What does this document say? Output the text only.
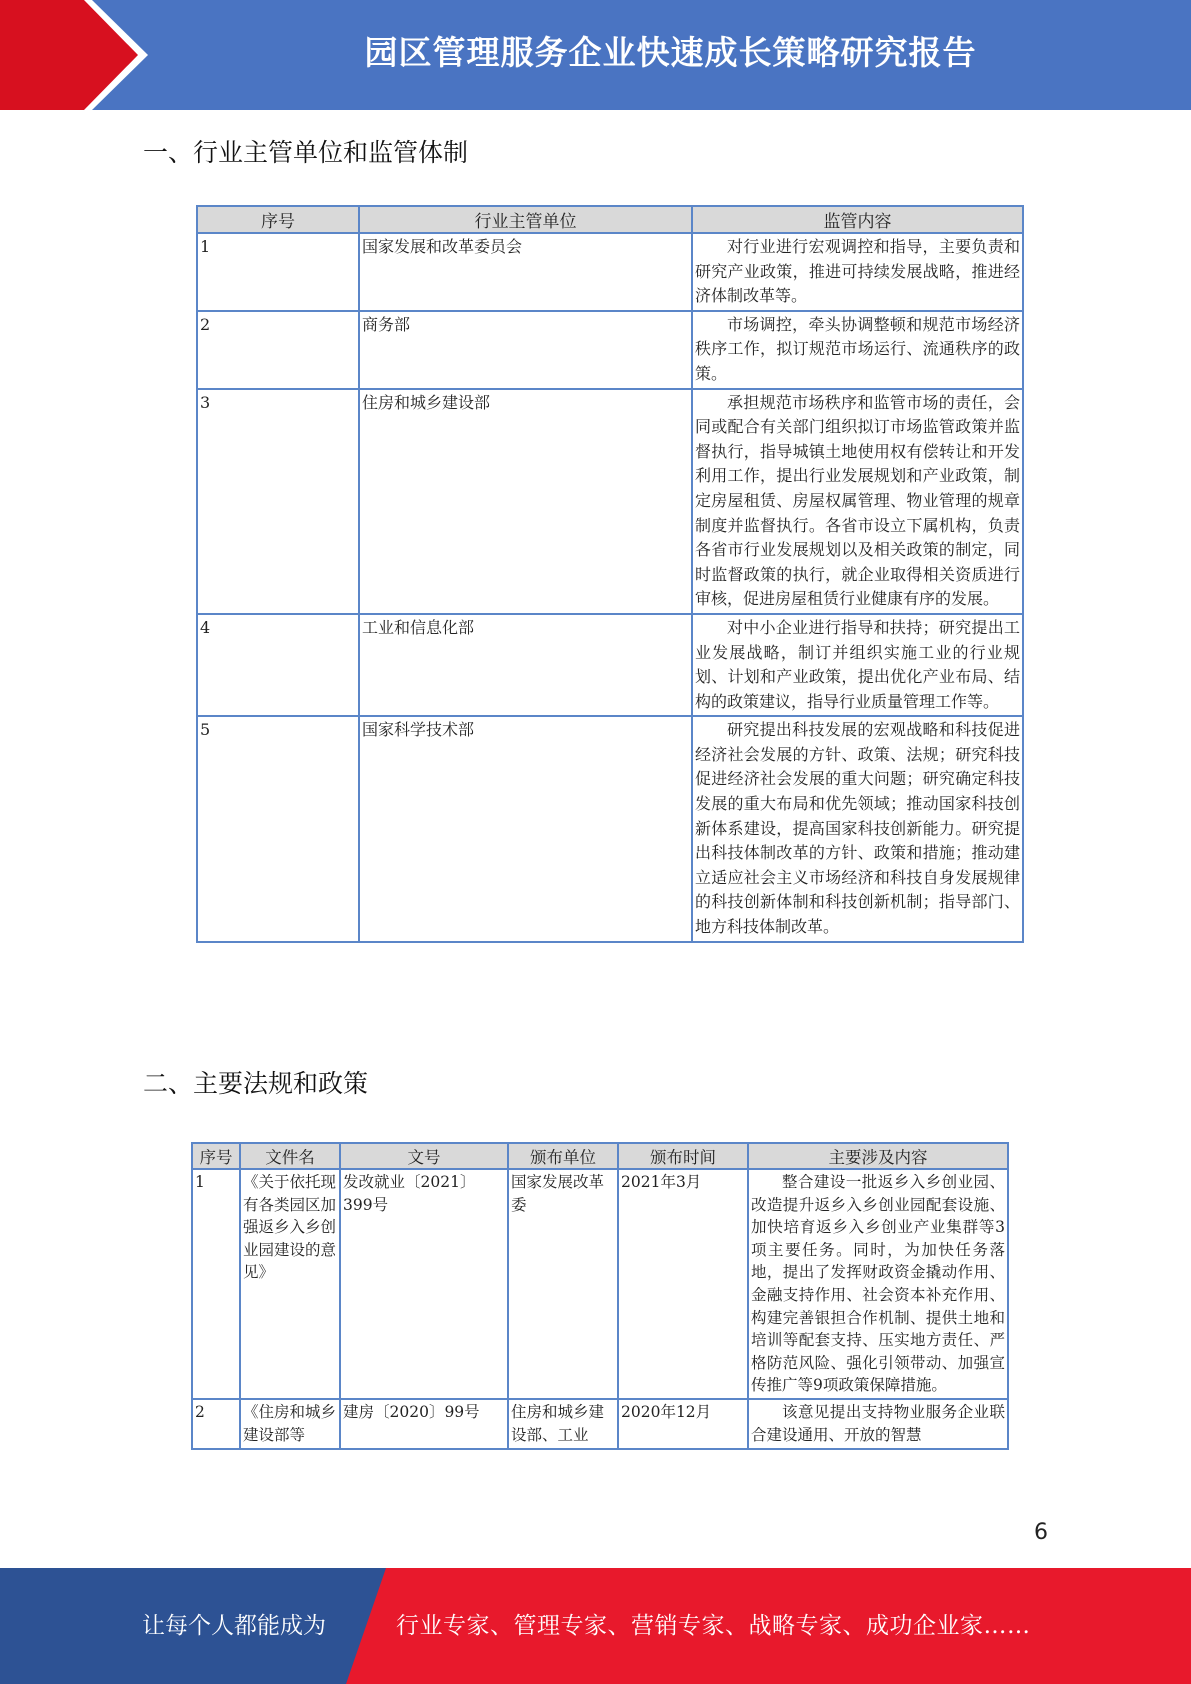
园区管理服务企业快速成长策略研究报告
一、行业主管单位和监管体制
序号	行业主管单位	监管内容
1	国家发展和改革委员会	对行业进行宏观调控和指导，主要负责和研究产业政策，推进可持续发展战略，推进经济体制改革等。
2	商务部	市场调控，牵头协调整顿和规范市场经济秩序工作，拟订规范市场运行、流通秩序的政策。
3	住房和城乡建设部	承担规范市场秩序和监管市场的责任，会同或配合有关部门组织拟订市场监管政策并监督执行，指导城镇土地使用权有偿转让和开发利用工作，提出行业发展规划和产业政策，制定房屋租赁、房屋权属管理、物业管理的规章制度并监督执行。各省市设立下属机构，负责各省市行业发展规划以及相关政策的制定，同时监督政策的执行，就企业取得相关资质进行审核，促进房屋租赁行业健康有序的发展。
4	工业和信息化部	对中小企业进行指导和扶持；研究提出工业发展战略，制订并组织实施工业的行业规划、计划和产业政策，提出优化产业布局、结构的政策建议，指导行业质量管理工作等。
5	国家科学技术部	研究提出科技发展的宏观战略和科技促进经济社会发展的方针、政策、法规；研究科技促进经济社会发展的重大问题；研究确定科技发展的重大布局和优先领域；推动国家科技创新体系建设，提高国家科技创新能力。研究提出科技体制改革的方针、政策和措施；推动建立适应社会主义市场经济和科技自身发展规律的科技创新体制和科技创新机制；指导部门、地方科技体制改革。
二、主要法规和政策
序号	文件名	文号	颁布单位	颁布时间	主要涉及内容
1	《关于依托现有各类园区加强返乡入乡创业园建设的意见》	发改就业〔2021〕399号	国家发展改革委	2021年3月	整合建设一批返乡入乡创业园、改造提升返乡入乡创业园配套设施、加快培育返乡入乡创业产业集群等3项主要任务。同时，为加快任务落地，提出了发挥财政资金撬动作用、金融支持作用、社会资本补充作用、构建完善银担合作机制、提供土地和培训等配套支持、压实地方责任、严格防范风险、强化引领带动、加强宣传推广等9项政策保障措施。
2	《住房和城乡建设部等	建房〔2020〕99号	住房和城乡建设部、工业	2020年12月	该意见提出支持物业服务企业联合建设通用、开放的智慧
6
让每个人都能成为	行业专家、管理专家、营销专家、战略专家、成功企业家……
